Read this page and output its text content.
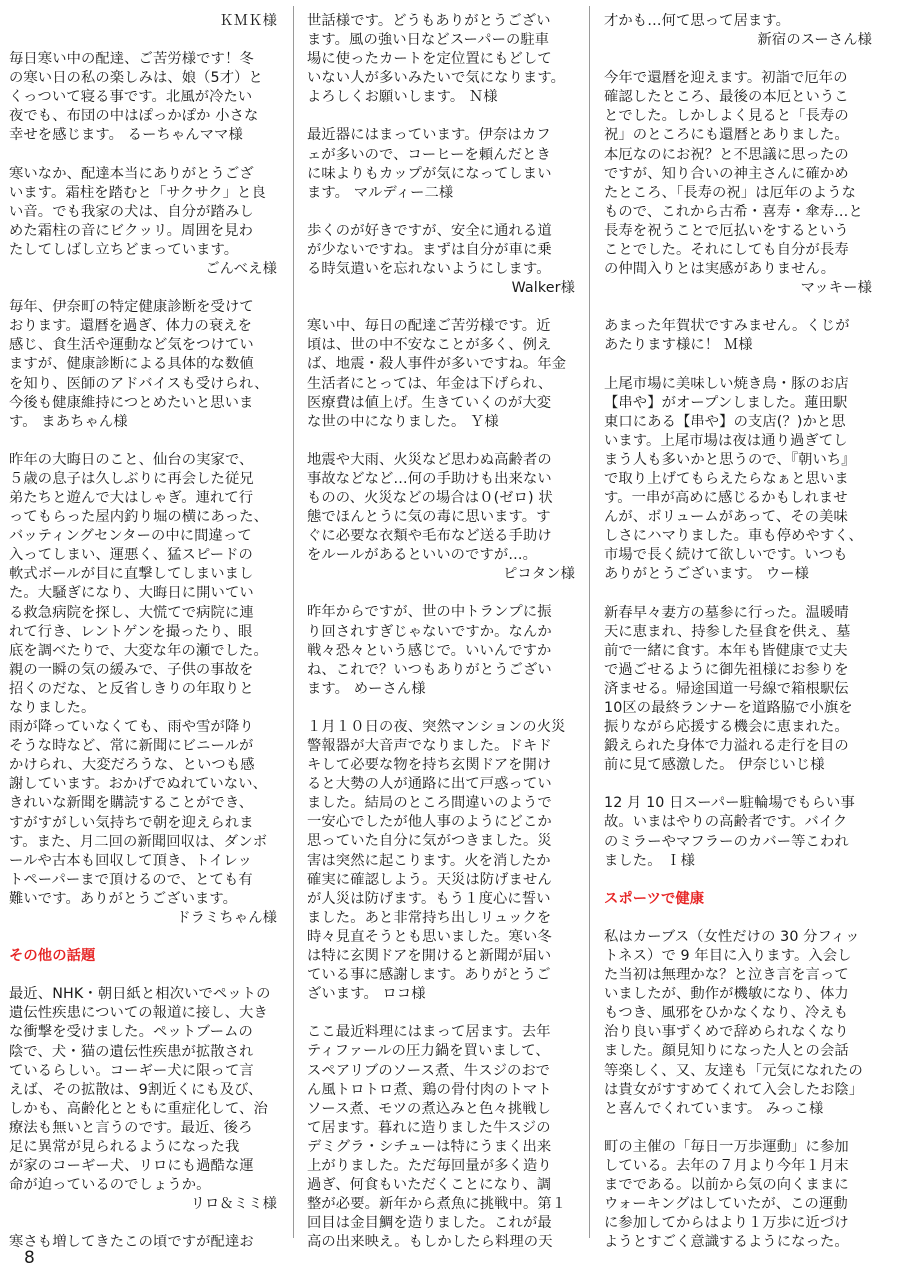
ＫＭＫ様

毎日寒い中の配達、ご苦労様です！冬
の寒い日の私の楽しみは、娘（5才）と
くっついて寝る事です。北風が冷たい
夜でも、布団の中はぽっかぽか 小さな
幸せを感じます。 るーちゃんママ様

寒いなか、配達本当にありがとうござ
います。霜柱を踏むと「サクサク」と良
い音。でも我家の犬は、自分が踏みし
めた霜柱の音にビクッリ。周囲を見わ
たしてしばし立ちどまっています。
ごんべえ様

毎年、伊奈町の特定健康診断を受けて
おります。還暦を過ぎ、体力の衰えを
感じ、食生活や運動など気をつけてい
ますが、健康診断による具体的な数値
を知り、医師のアドバイスも受けられ、
今後も健康維持につとめたいと思いま
す。 まあちゃん様

昨年の大晦日のこと、仙台の実家で、
５歳の息子は久しぶりに再会した従兄
弟たちと遊んで大はしゃぎ。連れて行
ってもらった屋内釣り堀の横にあった、
バッティングセンターの中に間違って
入ってしまい、運悪く、猛スピードの
軟式ボールが目に直撃してしまいまし
た。大騒ぎになり、大晦日に開いてい
る救急病院を探し、大慌てで病院に連
れて行き、レントゲンを撮ったり、眼
底を調べたりで、大変な年の瀬でした。
親の一瞬の気の緩みで、子供の事故を
招くのだな、と反省しきりの年取りと
なりました。

雨が降っていなくても、雨や雪が降り
そうな時など、常に新聞にビニールが
かけられ、大変だろうな、といつも感
謝しています。おかげでぬれていない、
きれいな新聞を購読することができ、
すがすがしい気持ちで朝を迎えられま
す。また、月二回の新聞回収は、ダンボ
ールや古本も回収して頂き、トイレッ
トペーパーまで頂けるので、とても有
難いです。ありがとうございます。
ドラミちゃん様

その他の話題

最近、NHK・朝日紙と相次いでペットの
遺伝性疾患についての報道に接し、大き
な衝撃を受けました。ペットブームの
陰で、犬・猫の遺伝性疾患が拡散され
ているらしい。コーギー犬に限って言
えば、その拡散は、9割近くにも及び、
しかも、高齢化とともに重症化して、治
療法も無いと言うのです。最近、後ろ
足に異常が見られるようになった我
が家のコーギー犬、リロにも過酷な運
命が迫っているのでしょうか。
リロ＆ミミ様

寒さも増してきたこの頃ですが配達お

世話様です。どうもありがとうござい
ます。風の強い日などスーパーの駐車
場に使ったカートを定位置にもどして
いない人が多いみたいで気になります。
よろしくお願いします。 Ｎ様

最近器にはまっています。伊奈はカフ
ェが多いので、コーヒーを頼んだとき
に味よりもカップが気になってしまい
ます。 マルディー二様

歩くのが好きですが、安全に通れる道
が少ないですね。まずは自分が車に乗
る時気遣いを忘れないようにします。
Walker様

寒い中、毎日の配達ご苦労様です。近
頃は、世の中不安なことが多く、例え
ば、地震・殺人事件が多いですね。年金
生活者にとっては、年金は下げられ、
医療費は値上げ。生きていくのが大変
な世の中になりました。 Ｙ様

地震や大雨、火災など思わぬ高齢者の
事故などなど…何の手助けも出来ない
ものの、火災などの場合は０(ゼロ) 状
態でほんとうに気の毒に思います。す
ぐに必要な衣類や毛布など送る手助け
をルールがあるといいのですが…。
ピコタン様

昨年からですが、世の中トランプに振
り回されすぎじゃないですか。なんか
戦々恐々という感じで。いいんですか
ね、これで？いつもありがとうござい
ます。 めーさん様

１月１０日の夜、突然マンションの火災
警報器が大音声でなりました。ドキド
キして必要な物を持ち玄関ドアを開け
ると大勢の人が通路に出て戸惑ってい
ました。結局のところ間違いのようで
一安心でしたが他人事のようにどこか
思っていた自分に気がつきました。災
害は突然に起こります。火を消したか
確実に確認しよう。天災は防げません
が人災は防げます。もう１度心に誓い
ました。あと非常持ち出しリュックを
時々見直そうとも思いました。寒い冬
は特に玄関ドアを開けると新聞が届い
ている事に感謝します。ありがとうご
ざいます。 ロコ様

ここ最近料理にはまって居ます。去年
ティファールの圧力鍋を買いまして、
スペアリブのソース煮、牛スジのおで
ん風トロトロ煮、鶏の骨付肉のトマト
ソース煮、モツの煮込みと色々挑戦し
て居ます。暮れに造りました牛スジの
デミグラ・シチューは特にうまく出来
上がりました。ただ毎回量が多く造り
過ぎ、何食もいただくことになり、調
整が必要。新年から煮魚に挑戦中。第１
回目は金目鯛を造りました。これが最
高の出来映え。もしかしたら料理の天

才かも…何て思って居ます。
新宿のスーさん様

今年で還暦を迎えます。初詣で厄年の
確認したところ、最後の本厄というこ
とでした。しかしよく見ると「長寿の
祝」のところにも還暦とありました。
本厄なのにお祝？と不思議に思ったの
ですが、知り合いの神主さんに確かめ
たところ、「長寿の祝」は厄年のような
もので、これから古希・喜寿・傘寿…と
長寿を祝うことで厄払いをするという
ことでした。それにしても自分が長寿
の仲間入りとは実感がありません。
マッキー様

あまった年賀状ですみません。くじが
あたります様に！ Ｍ様

上尾市場に美味しい焼き鳥・豚のお店
【串や】がオープンしました。蓮田駅
東口にある【串や】の支店(？)かと思
います。上尾市場は夜は通り過ぎてし
まう人も多いかと思うので、『朝いち』
で取り上げてもらえたらなぁと思いま
す。一串が高めに感じるかもしれませ
んが、ボリュームがあって、その美味
しさにハマりました。車も停めやすく、
市場で長く続けて欲しいです。いつも
ありがとうございます。 ウー様

新春早々妻方の墓参に行った。温暖晴
天に恵まれ、持参した昼食を供え、墓
前で一緒に食す。本年も皆健康で丈夫
で過ごせるように御先祖様にお参りを
済ませる。帰途国道一号線で箱根駅伝
10区の最終ランナーを道路脇で小旗を
振りながら応援する機会に恵まれた。
鍛えられた身体で力溢れる走行を目の
前に見て感激した。 伊奈じいじ様

12 月 10 日スーパー駐輪場でもらい事
故。いまはやりの高齢者です。バイク
のミラーやマフラーのカバー等こわれ
ました。 Ｉ様

スポーツで健康

私はカーブス（女性だけの 30 分フィッ
トネス）で 9 年目に入ります。入会し
た当初は無理かな？と泣き言を言って
いましたが、動作が機敏になり、体力
もつき、風邪をひかなくなり、冷えも
治り良い事ずくめで辞められなくなり
ました。顔見知りになった人との会話
等楽しく、又、友達も「元気になれたの
は貴女がすすめてくれて入会したお陰」
と喜んでくれています。 みっこ様

町の主催の「毎日一万歩運動」に参加
している。去年の７月より今年１月末
までである。以前から気の向くままに
ウォーキングはしていたが、この運動
に参加してからはより１万歩に近づけ
ようとすごく意識するようになった。

8
